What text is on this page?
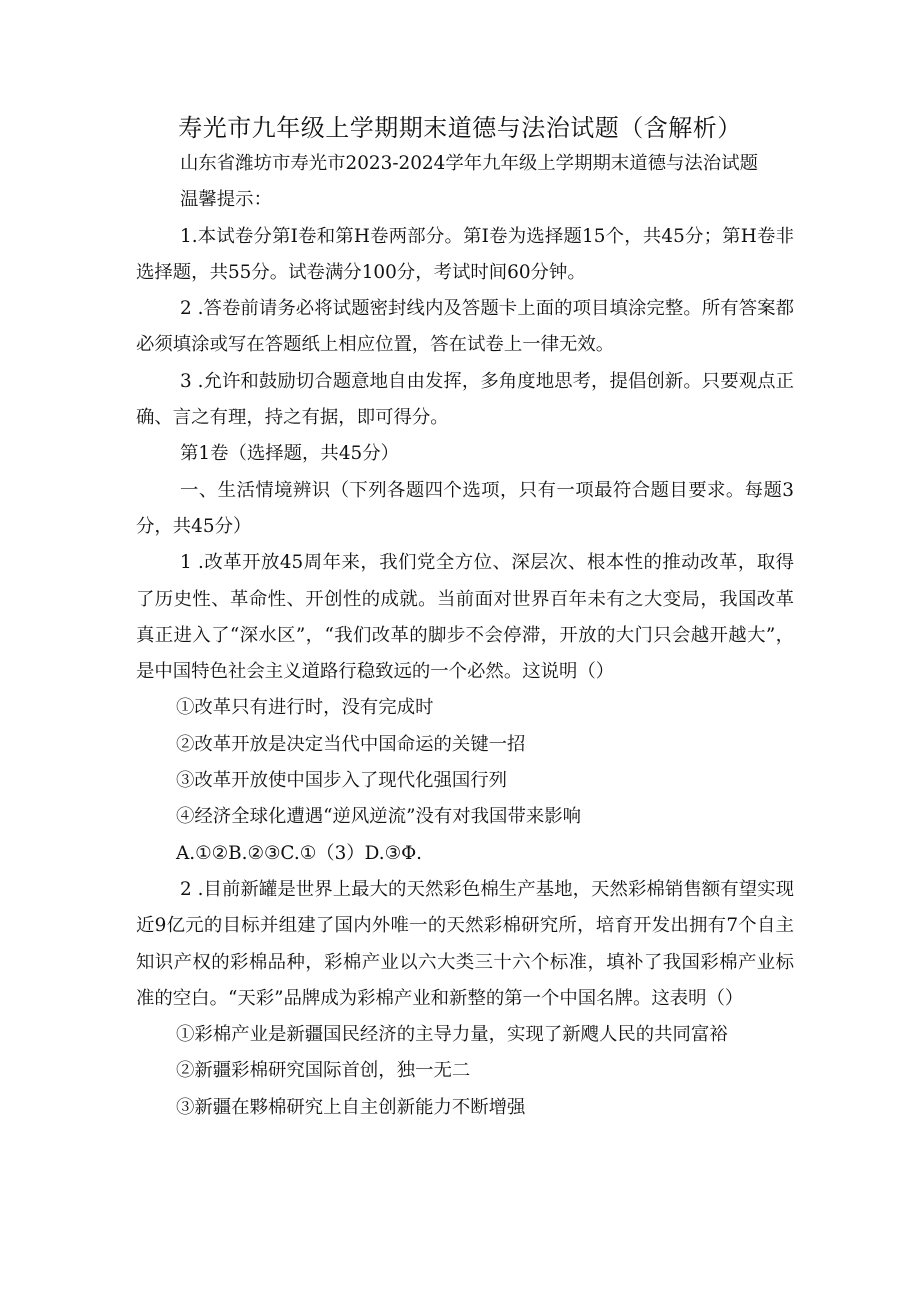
寿光市九年级上学期期末道德与法治试题（含解析）

山东省潍坊市寿光市2023-2024学年九年级上学期期末道德与法治试题

温馨提示：

1.本试卷分第I卷和第H卷两部分。第I卷为选择题15个，共45分；第H卷非选择题，共55分。试卷满分100分，考试时间60分钟。

2 .答卷前请务必将试题密封线内及答题卡上面的项目填涂完整。所有答案都必须填涂或写在答题纸上相应位置，答在试卷上一律无效。

3 .允许和鼓励切合题意地自由发挥，多角度地思考，提倡创新。只要观点正确、言之有理，持之有据，即可得分。

第1卷（选择题，共45分）

一、生活情境辨识（下列各题四个选项，只有一项最符合题目要求。每题3分，共45分）

1 .改革开放45周年来，我们党全方位、深层次、根本性的推动改革，取得了历史性、革命性、开创性的成就。当前面对世界百年未有之大变局，我国改革真正进入了“深水区”，“我们改革的脚步不会停滞，开放的大门只会越开越大”，是中国特色社会主义道路行稳致远的一个必然。这说明（）

①改革只有进行时，没有完成时

②改革开放是决定当代中国命运的关键一招

③改革开放使中国步入了现代化强国行列

④经济全球化遭遇“逆风逆流”没有对我国带来影响

A.①②B.②③C.①（3）D.③Φ.

2 .目前新罐是世界上最大的天然彩色棉生产基地，天然彩棉销售额有望实现近9亿元的目标并组建了国内外唯一的天然彩棉研究所，培育开发出拥有7个自主知识产权的彩棉品种，彩棉产业以六大类三十六个标准，填补了我国彩棉产业标准的空白。“天彩”品牌成为彩棉产业和新整的第一个中国名牌。这表明（）

①彩棉产业是新疆国民经济的主导力量，实现了新飕人民的共同富裕

②新疆彩棉研究国际首创，独一无二

③新疆在夥棉研究上自主创新能力不断增强
